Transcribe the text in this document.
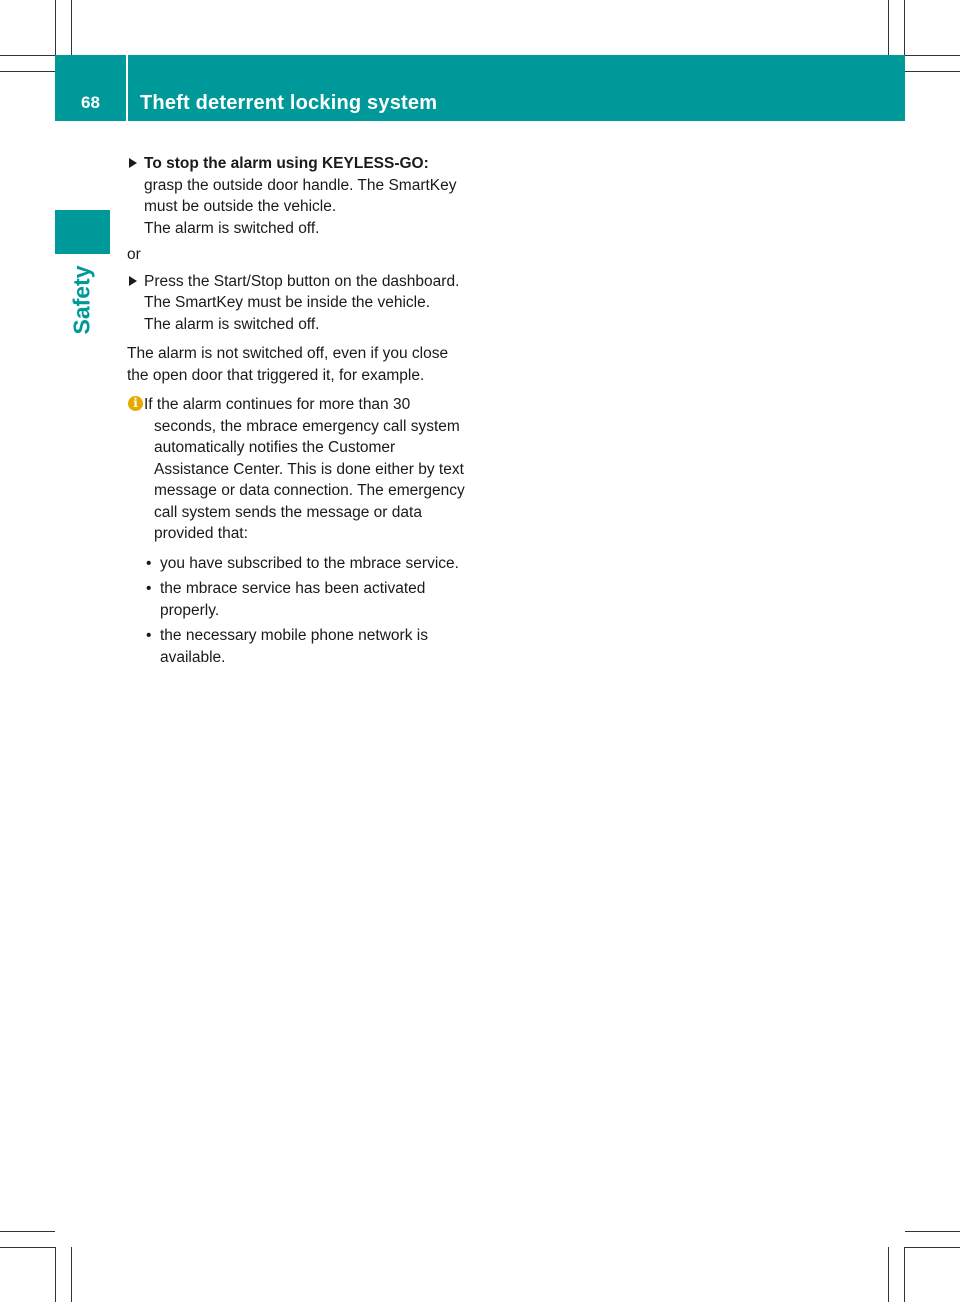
68	Theft deterrent locking system
Safety
To stop the alarm using KEYLESS-GO: grasp the outside door handle. The SmartKey must be outside the vehicle.

The alarm is switched off.

or

Press the Start/Stop button on the dashboard. The SmartKey must be inside the vehicle.

The alarm is switched off.

The alarm is not switched off, even if you close the open door that triggered it, for example.

i If the alarm continues for more than 30 seconds, the mbrace emergency call system automatically notifies the Customer Assistance Center. This is done either by text message or data connection. The emergency call system sends the message or data provided that:
• you have subscribed to the mbrace service.
• the mbrace service has been activated properly.
• the necessary mobile phone network is available.
